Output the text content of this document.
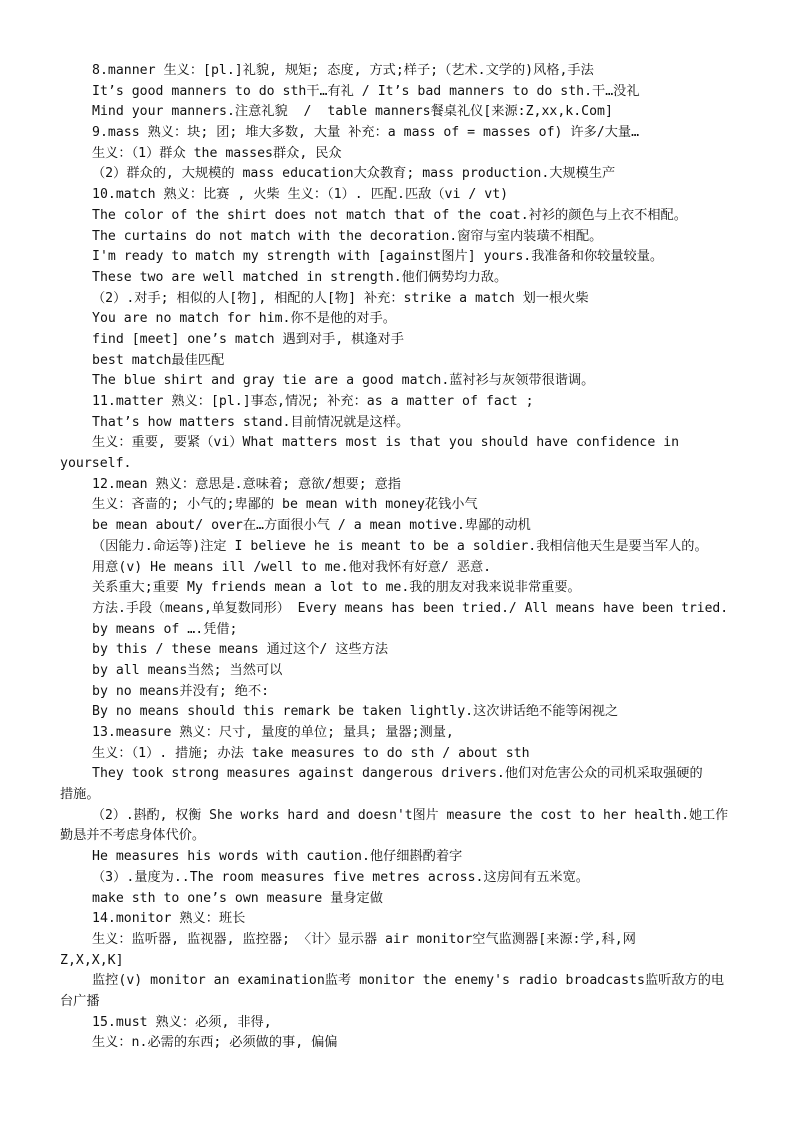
8.manner 生义：[pl.]礼貌, 规矩; 态度, 方式;样子;（艺术.文学的)风格,手法
It’s good manners to do sth干…有礼 / It’s bad manners to do sth.干…没礼
Mind your manners.注意礼貌  /  table manners餐桌礼仪[来源:Z,xx,k.Com]
9.mass 熟义：块; 团; 堆大多数, 大量 补充：a mass of = masses of) 许多/大量…
生义：（1）群众 the masses群众, 民众
（2）群众的, 大规模的 mass education大众教育; mass production.大规模生产
10.match 熟义：比赛 , 火柴 生义：（1）. 匹配.匹敌（vi / vt)
The color of the shirt does not match that of the coat.衬衫的颜色与上衣不相配。
The curtains do not match with the decoration.窗帘与室内装璜不相配。
I'm ready to match my strength with [against图片] yours.我准备和你较量较量。
These two are well matched in strength.他们俩势均力敌。
（2）.对手; 相似的人[物], 相配的人[物] 补充：strike a match 划一根火柴
You are no match for him.你不是他的对手。
find [meet] one’s match 遇到对手, 棋逢对手
best match最佳匹配
The blue shirt and gray tie are a good match.蓝衬衫与灰领带很谐调。
11.matter 熟义：[pl.]事态,情况; 补充：as a matter of fact ;
That’s how matters stand.目前情况就是这样。
生义：重要, 要紧（vi）What matters most is that you should have confidence in
yourself.
12.mean 熟义：意思是.意味着; 意欲/想要; 意指
生义：吝啬的; 小气的;卑鄙的 be mean with money花钱小气
be mean about/ over在…方面很小气 / a mean motive.卑鄙的动机
（因能力.命运等)注定 I believe he is meant to be a soldier.我相信他天生是要当军人的。
用意(v) He means ill /well to me.他对我怀有好意/ 恶意.
关系重大;重要 My friends mean a lot to me.我的朋友对我来说非常重要。
方法.手段（means,单复数同形） Every means has been tried./ All means have been tried.
by means of ….凭借;
by this / these means 通过这个/ 这些方法
by all means当然; 当然可以
by no means并没有; 绝不:
By no means should this remark be taken lightly.这次讲话绝不能等闲视之
13.measure 熟义：尺寸, 量度的单位; 量具; 量器;测量,
生义：（1）. 措施; 办法 take measures to do sth / about sth
They took strong measures against dangerous drivers.他们对危害公众的司机采取强硬的
措施。
（2）.斟酌, 权衡 She works hard and doesn't图片 measure the cost to her health.她工作
勤恳并不考虑身体代价。
He measures his words with caution.他仔细斟酌着字
（3）.量度为..The room measures five metres across.这房间有五米宽。
make sth to one’s own measure 量身定做
14.monitor 熟义：班长
生义：监听器, 监视器, 监控器; 〈计〉显示器 air monitor空气监测器[来源:学,科,网
Z,X,X,K]
监控(v) monitor an examination监考 monitor the enemy's radio broadcasts监听敌方的电
台广播
15.must 熟义：必须, 非得,
生义：n.必需的东西; 必须做的事, 偏偏
